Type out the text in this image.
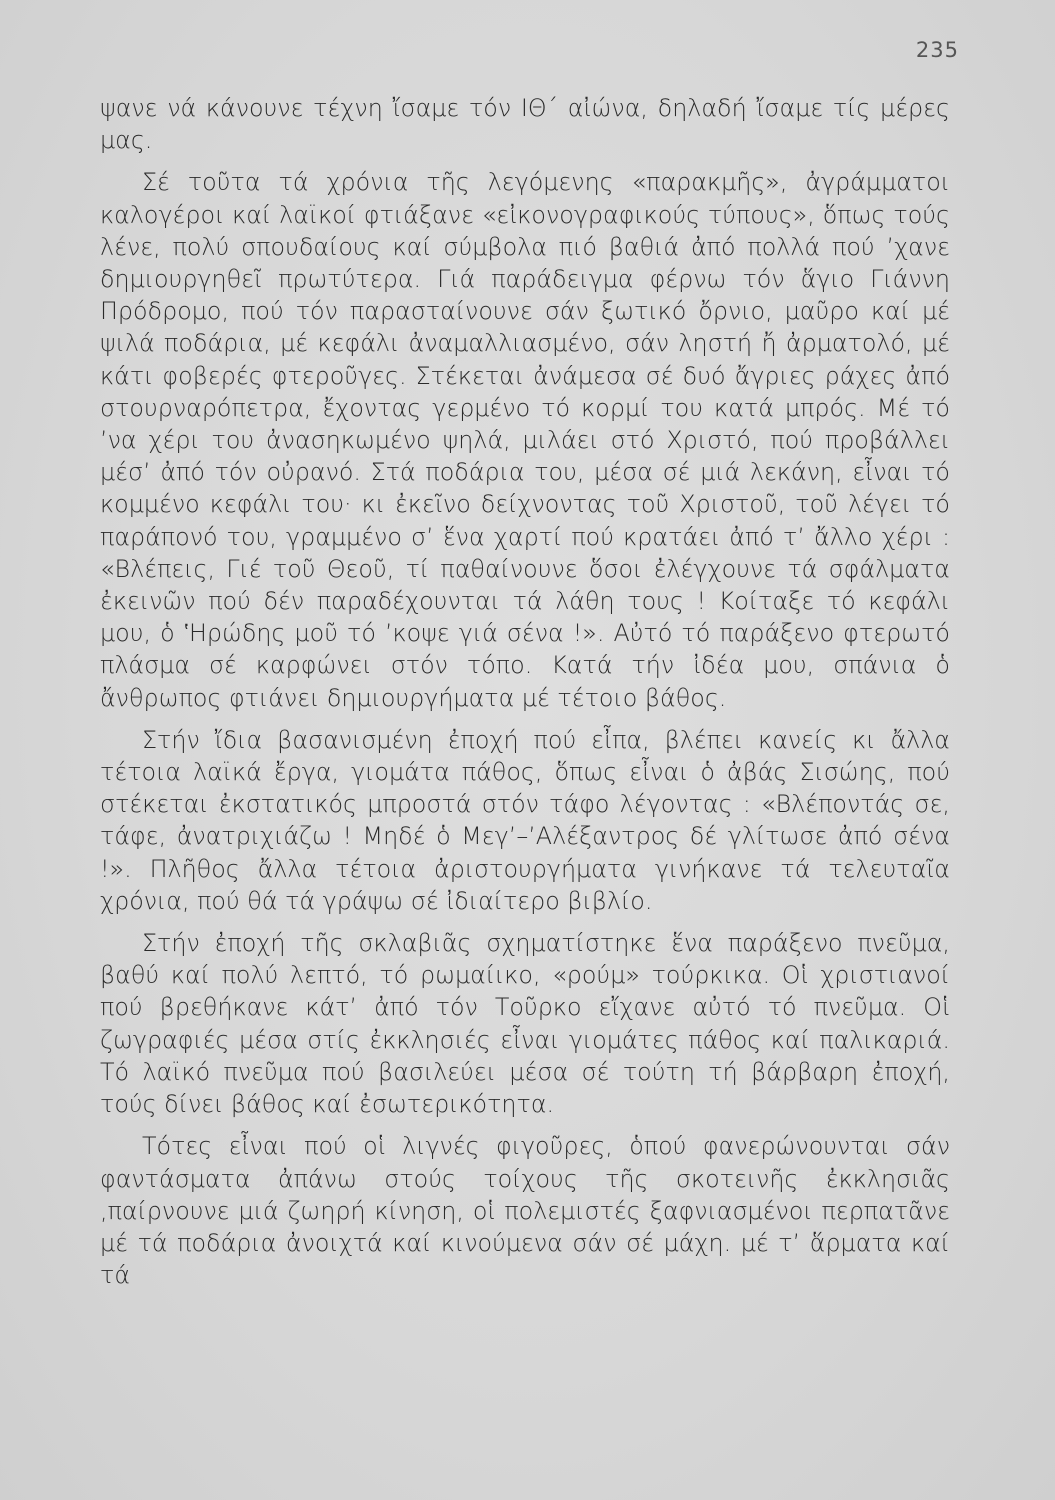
235

ψανε νά κάνουνε τέχνη ἴσαμε τόν ΙΘ΄ αἰώνα, δηλαδή ἴσαμε τίς μέρες μας.

Σέ τοῦτα τά χρόνια τῆς λεγόμενης «παρακμῆς», ἀγράμματοι καλογέροι καί λαϊκοί φτιάξανε «εἰκονογραφικούς τύπους», ὅπως τούς λένε, πολύ σπουδαίους καί σύμβολα πιό βαθιά ἀπό πολλά πού ’χανε δημιουργηθεῖ πρωτύτερα. Γιά παράδειγμα φέρνω τόν ἅγιο Γιάννη Πρόδρομο, πού τόν παρασταίνουνε σάν ξωτικό ὄρνιο, μαῦρο καί μέ ψιλά ποδάρια, μέ κεφάλι ἀναμαλλιασμένο, σάν ληστή ἤ ἀρματολό, μέ κάτι φοβερές φτεροῦγες. Στέκεται ἀνάμεσα σέ δυό ἄγριες ράχες ἀπό στουρναρόπετρα, ἔχοντας γερμένο τό κορμί του κατά μπρός. Μέ τό ’να χέρι του ἀνασηκωμένο ψηλά, μιλάει στό Χριστό, πού προβάλλει μέσ’ ἀπό τόν οὐρανό. Στά ποδάρια του, μέσα σέ μιά λεκάνη, εἶναι τό κομμένο κεφάλι του· κι ἐκεῖνο δείχνοντας τοῦ Χριστοῦ, τοῦ λέγει τό παράπονό του, γραμμένο σ’ ἕνα χαρτί πού κρατάει ἀπό τ’ ἄλλο χέρι : «Βλέπεις, Γιέ τοῦ Θεοῦ, τί παθαίνουνε ὅσοι ἐλέγχουνε τά σφάλματα ἐκεινῶν πού δέν παραδέχουνται τά λάθη τους ! Κοίταξε τό κεφάλι μου, ὁ ʽΗρώδης μοῦ τό ’κοψε γιά σένα !». Αὐτό τό παράξενο φτερωτό πλάσμα σέ καρφώνει στόν τόπο. Κατά τήν ἰδέα μου, σπάνια ὁ ἄνθρωπος φτιάνει δημιουργήματα μέ τέτοιο βάθος.

Στήν ἴδια βασανισμένη ἐποχή πού εἶπα, βλέπει κανείς κι ἄλλα τέτοια λαϊκά ἔργα, γιομάτα πάθος, ὅπως εἶναι ὁ ἀβάς Σισώης, πού στέκεται ἐκστατικός μπροστά στόν τάφο λέγοντας : «Βλέποντάς σε, τάφε, ἀνατριχιάζω ! Μηδέ ὁ Μεγ’–’Αλέξαντρος δέ γλίτωσε ἀπό σένα !». Πλῆθος ἄλλα τέτοια ἀριστουργήματα γινήκανε τά τελευταῖα χρόνια, πού θά τά γράψω σέ ἰδιαίτερο βιβλίο.

Στήν ἐποχή τῆς σκλαβιᾶς σχηματίστηκε ἕνα παράξενο πνεῦμα, βαθύ καί πολύ λεπτό, τό ρωμαίικο, «ρούμ» τούρκικα. Οἱ χριστιανοί πού βρεθήκανε κάτ’ ἀπό τόν Τοῦρκο εἴχανε αὐτό τό πνεῦμα. Οἱ ζωγραφιές μέσα στίς ἐκκλησιές εἶναι γιομάτες πάθος καί παλικαριά. Τό λαϊκό πνεῦμα πού βασιλεύει μέσα σέ τούτη τή βάρβαρη ἐποχή, τούς δίνει βάθος καί ἐσωτερικότητα.

Τότες εἶναι πού οἱ λιγνές φιγοῦρες, ὁπού φανερώνουνται σάν φαντάσματα ἀπάνω στούς τοίχους τῆς σκοτεινῆς ἐκκλησιᾶς ,παίρνουνε μιά ζωηρή κίνηση, οἱ πολεμιστές ξαφνιασμένοι περπατᾶνε μέ τά ποδάρια ἀνοιχτά καί κινούμενα σάν σέ μάχη. μέ τ’ ἅρματα καί τά
